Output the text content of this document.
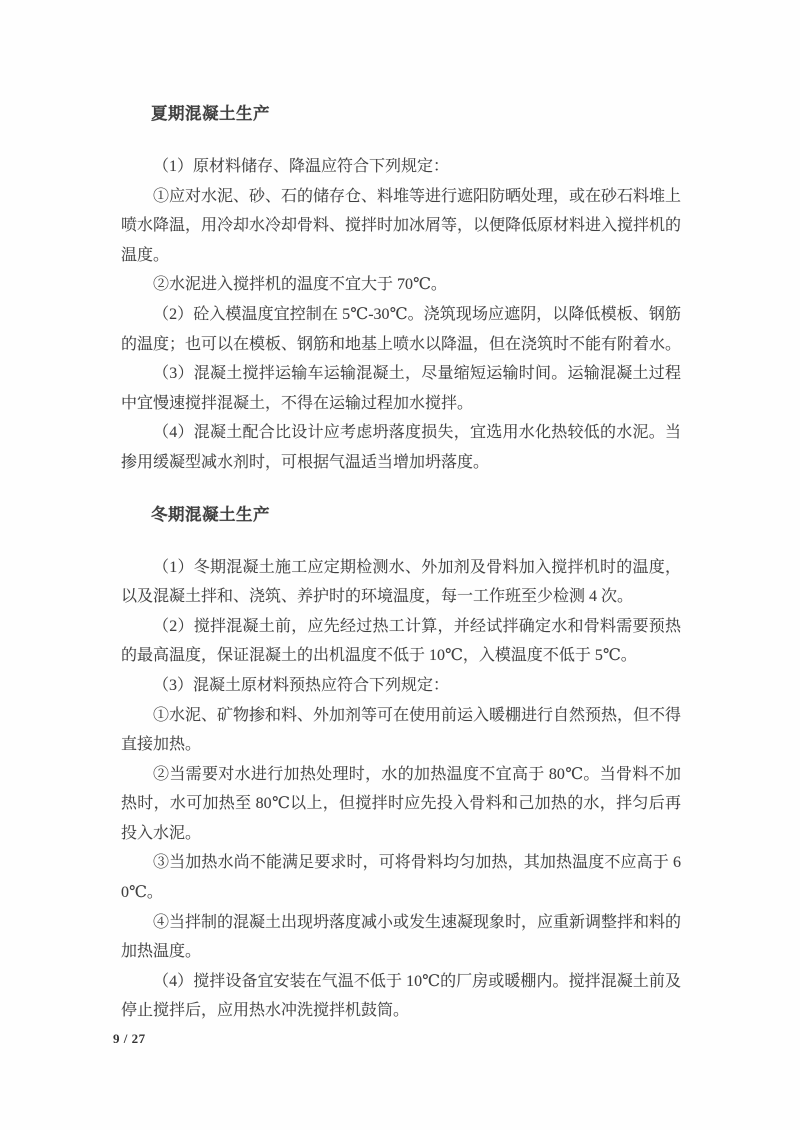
夏期混凝土生产

（1）原材料储存、降温应符合下列规定：

①应对水泥、砂、石的储存仓、料堆等进行遮阳防晒处理，或在砂石料堆上喷水降温，用冷却水冷却骨料、搅拌时加冰屑等，以便降低原材料进入搅拌机的温度。

②水泥进入搅拌机的温度不宜大于 70℃。

（2）砼入模温度宜控制在 5℃-30℃。浇筑现场应遮阴，以降低模板、钢筋的温度；也可以在模板、钢筋和地基上喷水以降温，但在浇筑时不能有附着水。

（3）混凝土搅拌运输车运输混凝土，尽量缩短运输时间。运输混凝土过程中宜慢速搅拌混凝土，不得在运输过程加水搅拌。

（4）混凝土配合比设计应考虑坍落度损失，宜选用水化热较低的水泥。当掺用缓凝型减水剂时，可根据气温适当增加坍落度。

冬期混凝土生产

（1）冬期混凝土施工应定期检测水、外加剂及骨料加入搅拌机时的温度，以及混凝土拌和、浇筑、养护时的环境温度，每一工作班至少检测 4 次。

（2）搅拌混凝土前，应先经过热工计算，并经试拌确定水和骨料需要预热的最高温度，保证混凝土的出机温度不低于 10℃，入模温度不低于 5℃。

（3）混凝土原材料预热应符合下列规定：

①水泥、矿物掺和料、外加剂等可在使用前运入暖棚进行自然预热，但不得直接加热。

②当需要对水进行加热处理时，水的加热温度不宜高于 80℃。当骨料不加热时，水可加热至 80℃以上，但搅拌时应先投入骨料和己加热的水，拌匀后再投入水泥。

③当加热水尚不能满足要求时，可将骨料均匀加热，其加热温度不应高于 60℃。

④当拌制的混凝土出现坍落度减小或发生速凝现象时，应重新调整拌和料的加热温度。

（4）搅拌设备宜安装在气温不低于 10℃的厂房或暖棚内。搅拌混凝土前及停止搅拌后，应用热水冲洗搅拌机鼓筒。

9 / 27
